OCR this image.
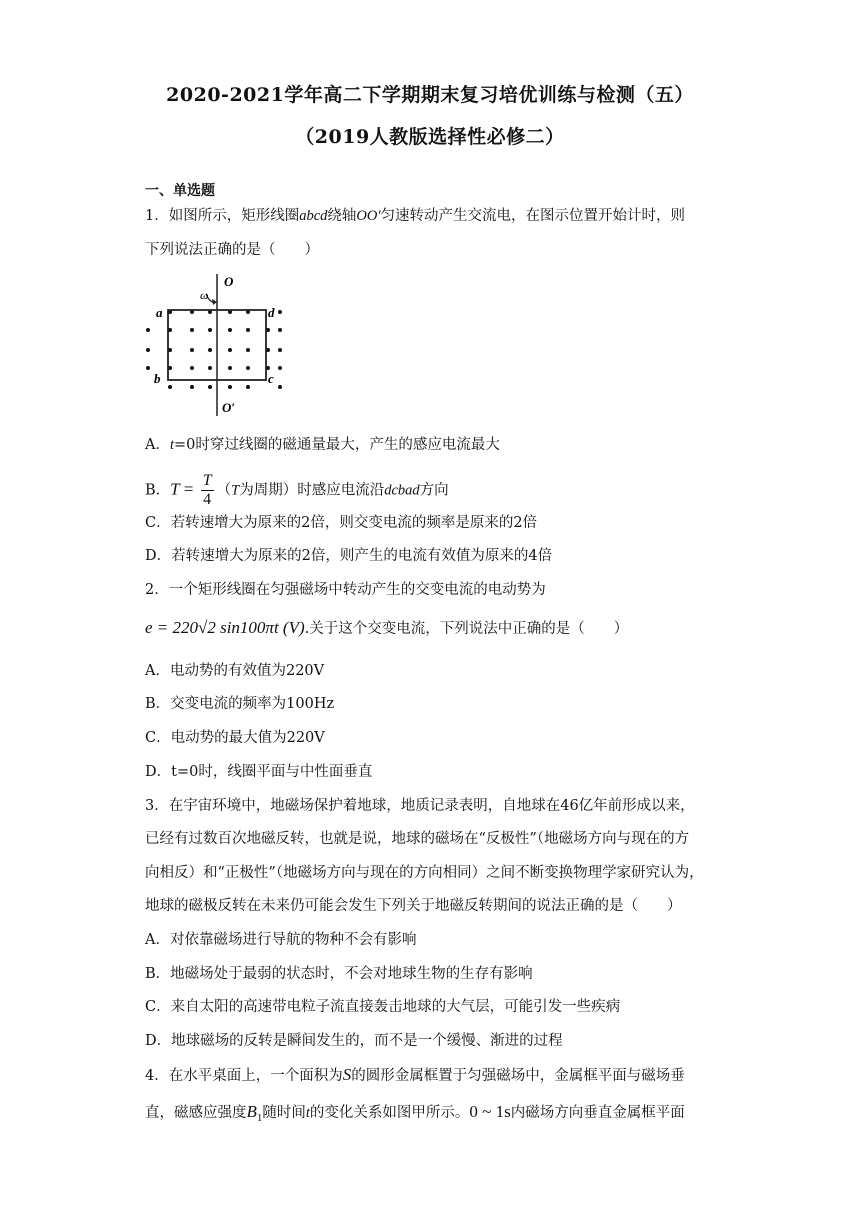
2020-2021学年高二下学期期末复习培优训练与检测（五）
（2019人教版选择性必修二）
一、单选题
1．如图所示，矩形线圈abcd绕轴OO′匀速转动产生交流电，在图示位置开始计时，则
下列说法正确的是（　　）
O
O′
ω
a
b	c
d
A．t=0时穿过线圈的磁通量最大，产生的感应电流最大
B．$T = \frac{T}{4} (T$为周期）时感应电流沿dcbad方向
C．若转速增大为原来的2倍，则交变电流的频率是原来的2倍
D．若转速增大为原来的2倍，则产生的电流有效值为原来的4倍
2．一个矩形线圈在匀强磁场中转动产生的交变电流的电动势为
e = 220√2 sin100πt (V).关于这个交变电流，下列说法中正确的是（　　）
A．电动势的有效值为220V
B．交变电流的频率为100Hz
C．电动势的最大值为220V
D．t=0时，线圈平面与中性面垂直
3．在宇宙环境中，地磁场保护着地球，地质记录表明，自地球在46亿年前形成以来，
已经有过数百次地磁反转，也就是说，地球的磁场在“反极性”（地磁场方向与现在的方
向相反）和“正极性”（地磁场方向与现在的方向相同）之间不断变换物理学家研究认为，
地球的磁极反转在未来仍可能会发生下列关于地磁反转期间的说法正确的是（　　）
A．对依靠磁场进行导航的物种不会有影响
B．地磁场处于最弱的状态时，不会对地球生物的生存有影响
C．来自太阳的高速带电粒子流直接轰击地球的大气层，可能引发一些疾病
D．地球磁场的反转是瞬间发生的，而不是一个缓慢、渐进的过程
4．在水平桌面上，一个面积为S的圆形金属框置于匀强磁场中，金属框平面与磁场垂
直，磁感应强度$B_1$随时间t的变化关系如图甲所示。0 ~ 1s内磁场方向垂直金属框平面
